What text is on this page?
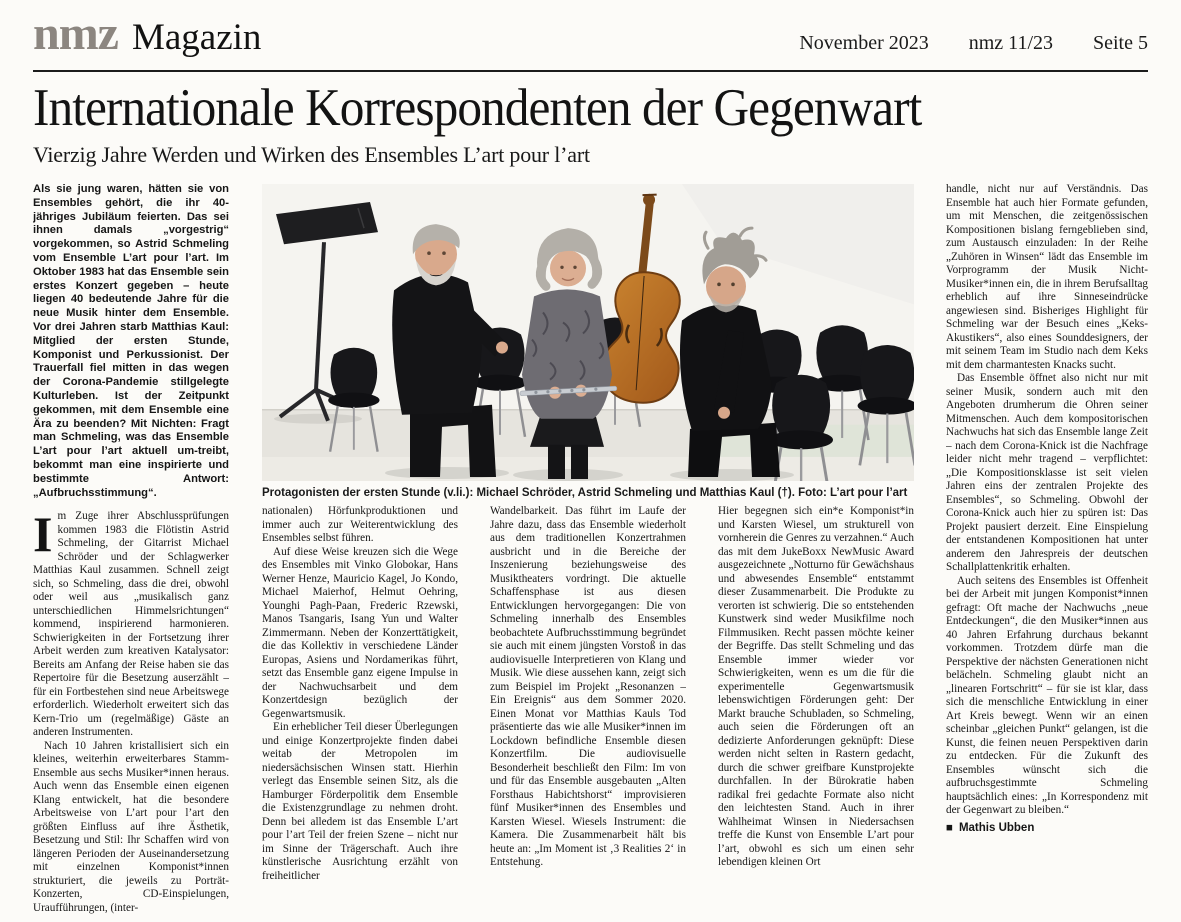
nmz Magazin	November 2023 nmz 11/23 Seite 5
Internationale Korrespondenten der Gegenwart
Vierzig Jahre Werden und Wirken des Ensembles L’art pour l’art
Protagonisten der ersten Stunde (v.li.): Michael Schröder, Astrid Schmeling und Matthias Kaul (†). Foto: L’art pour l’art

Als sie jung waren, hätten sie von Ensembles gehört, die ihr 40-jähriges Jubiläum feierten. Das sei ihnen damals „vorgestrig“ vorgekommen, so Astrid Schmeling vom Ensemble L’art pour l’art. Im Oktober 1983 hat das Ensemble sein erstes Konzert gegeben – heute liegen 40 bedeutende Jahre für die neue Musik hinter dem Ensemble. Vor drei Jahren starb Matthias Kaul: Mitglied der ersten Stunde, Komponist und Perkussionist. Der Trauerfall fiel mitten in das wegen der Corona-Pandemie stillgelegte Kulturleben. Ist der Zeitpunkt gekommen, mit dem Ensemble eine Ära zu beenden? Mit Nichten: Fragt man Schmeling, was das Ensemble L’art pour l’art aktuell um-treibt, bekommt man eine inspirierte und bestimmte Antwort: „Aufbruchsstimmung“.

Im Zuge ihrer Abschlussprüfungen kommen 1983 die Flötistin Astrid Schmeling, der Gitarrist Michael Schröder und der Schlagwerker Matthias Kaul zusammen. Schnell zeigt sich, so Schmeling, dass die drei, obwohl oder weil aus „musikalisch ganz unterschiedlichen Himmelsrichtungen“ kommend, inspirierend harmonieren. Schwierigkeiten in der Fortsetzung ihrer Arbeit werden zum kreativen Katalysator: Bereits am Anfang der Reise haben sie das Repertoire für die Besetzung auserzählt – für ein Fortbestehen sind neue Arbeitswege erforderlich. Wiederholt erweitert sich das Kern-Trio um (regelmäßige) Gäste an anderen Instrumenten.

Nach 10 Jahren kristallisiert sich ein kleines, weiterhin erweiterbares Stamm-Ensemble aus sechs Musiker*innen heraus. Auch wenn das Ensemble einen eigenen Klang entwickelt, hat die besondere Arbeitsweise von L’art pour l’art den größten Einfluss auf ihre Ästhetik, Besetzung und Stil: Ihr Schaffen wird von längeren Perioden der Auseinandersetzung mit einzelnen Komponist*innen strukturiert, die jeweils zu Porträt-Konzerten, CD-Einspielungen, Uraufführungen, (inter-

nationalen) Hörfunkproduktionen und immer auch zur Weiterentwicklung des Ensembles selbst führen.

Auf diese Weise kreuzen sich die Wege des Ensembles mit Vinko Globokar, Hans Werner Henze, Mauricio Kagel, Jo Kondo, Michael Maierhof, Helmut Oehring, Younghi Pagh-Paan, Frederic Rzewski, Manos Tsangaris, Isang Yun und Walter Zimmermann. Neben der Konzerttätigkeit, die das Kollektiv in verschiedene Länder Europas, Asiens und Nordamerikas führt, setzt das Ensemble ganz eigene Impulse in der Nachwuchsarbeit und dem Konzertdesign bezüglich der Gegenwartsmusik.

Ein erheblicher Teil dieser Überlegungen und einige Konzertprojekte finden dabei weitab der Metropolen im niedersächsischen Winsen statt. Hierhin verlegt das Ensemble seinen Sitz, als die Hamburger Förderpolitik dem Ensemble die Existenzgrundlage zu nehmen droht. Denn bei alledem ist das Ensemble L’art pour l’art Teil der freien Szene – nicht nur im Sinne der Trägerschaft. Auch ihre künstlerische Ausrichtung erzählt von freiheitlicher

Wandelbarkeit. Das führt im Laufe der Jahre dazu, dass das Ensemble wiederholt aus dem traditionellen Konzertrahmen ausbricht und in die Bereiche der Inszenierung beziehungsweise des Musiktheaters vordringt. Die aktuelle Schaffensphase ist aus diesen Entwicklungen hervorgegangen: Die von Schmeling innerhalb des Ensembles beobachtete Aufbruchsstimmung begründet sie auch mit einem jüngsten Vorstoß in das audiovisuelle Interpretieren von Klang und Musik. Wie diese aussehen kann, zeigt sich zum Beispiel im Projekt „Resonanzen – Ein Ereignis“ aus dem Sommer 2020. Einen Monat vor Matthias Kauls Tod präsentierte das wie alle Musiker*innen im Lockdown befindliche Ensemble diesen Konzertfilm. Die audiovisuelle Besonderheit beschließt den Film: Im von und für das Ensemble ausgebauten „Alten Forsthaus Habichtshorst“ improvisieren fünf Musiker*innen des Ensembles und Karsten Wiesel. Wiesels Instrument: die Kamera. Die Zusammenarbeit hält bis heute an: „Im Moment ist ‚3 Realities 2‘ in Entstehung.

Hier begegnen sich ein*e Komponist*in und Karsten Wiesel, um strukturell von vornherein die Genres zu verzahnen.“ Auch das mit dem JukeBoxx NewMusic Award ausgezeichnete „Notturno für Gewächshaus und abwesendes Ensemble“ entstammt dieser Zusammenarbeit. Die Produkte zu verorten ist schwierig. Die so entstehenden Kunstwerk sind weder Musikfilme noch Filmmusiken. Recht passen möchte keiner der Begriffe. Das stellt Schmeling und das Ensemble immer wieder vor Schwierigkeiten, wenn es um die für die experimentelle Gegenwartsmusik lebenswichtigen Förderungen geht: Der Markt brauche Schubladen, so Schmeling, auch seien die Förderungen oft an dedizierte Anforderungen geknüpft: Diese werden nicht selten in Rastern gedacht, durch die schwer greifbare Kunstprojekte durchfallen. In der Bürokratie haben radikal frei gedachte Formate also nicht den leichtesten Stand. Auch in ihrer Wahlheimat Winsen in Niedersachsen treffe die Kunst von Ensemble L’art pour l’art, obwohl es sich um einen sehr lebendigen kleinen Ort

handle, nicht nur auf Verständnis. Das Ensemble hat auch hier Formate gefunden, um mit Menschen, die zeitgenössischen Kompositionen bislang ferngeblieben sind, zum Austausch einzuladen: In der Reihe „Zuhören in Winsen“ lädt das Ensemble im Vorprogramm der Musik Nicht-Musiker*innen ein, die in ihrem Berufsalltag erheblich auf ihre Sinneseindrücke angewiesen sind. Bisheriges Highlight für Schmeling war der Besuch eines „Keks-Akustikers“, also eines Sounddesigners, der mit seinem Team im Studio nach dem Keks mit dem charmantesten Knacks sucht.

Das Ensemble öffnet also nicht nur mit seiner Musik, sondern auch mit den Angeboten drumherum die Ohren seiner Mitmenschen. Auch dem kompositorischen Nachwuchs hat sich das Ensemble lange Zeit – nach dem Corona-Knick ist die Nachfrage leider nicht mehr tragend – verpflichtet: „Die Kompositionsklasse ist seit vielen Jahren eins der zentralen Projekte des Ensembles“, so Schmeling. Obwohl der Corona-Knick auch hier zu spüren ist: Das Projekt pausiert derzeit. Eine Einspielung der entstandenen Kompositionen hat unter anderem den Jahrespreis der deutschen Schallplattenkritik erhalten.

Auch seitens des Ensembles ist Offenheit bei der Arbeit mit jungen Komponist*innen gefragt: Oft mache der Nachwuchs „neue Entdeckungen“, die den Musiker*innen aus 40 Jahren Erfahrung durchaus bekannt vorkommen. Trotzdem dürfe man die Perspektive der nächsten Generationen nicht belächeln. Schmeling glaubt nicht an „linearen Fortschritt“ – für sie ist klar, dass sich die menschliche Entwicklung in einer Art Kreis bewegt. Wenn wir an einen scheinbar „gleichen Punkt“ gelangen, ist die Kunst, die feinen neuen Perspektiven darin zu entdecken. Für die Zukunft des Ensembles wünscht sich die aufbruchsgestimmte Schmeling hauptsächlich eines: „In Korrespondenz mit der Gegenwart zu bleiben.“

■ Mathis Ubben
